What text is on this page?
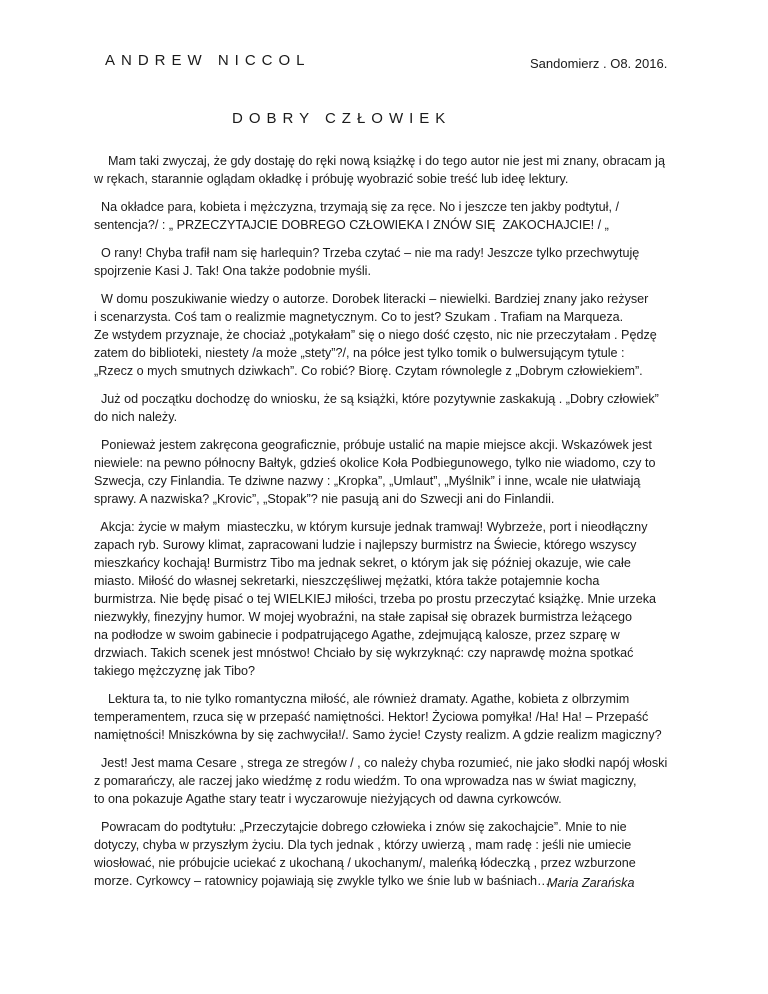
ANDREW NICCOL	Sandomierz . O8. 2016.
DOBRY CZŁOWIEK

Mam taki zwyczaj, że gdy dostaję do ręki nową książkę i do tego autor nie jest mi znany, obracam ją
w rękach, starannie oglądam okładkę i próbuję wyobrazić sobie treść lub ideę lektury.

Na okładce para, kobieta i mężczyzna, trzymają się za ręce. No i jeszcze ten jakby podtytuł, /
sentencja?/ : „ PRZECZYTAJCIE DOBREGO CZŁOWIEKA I ZNÓW SIĘ  ZAKOCHAJCIE! / „

O rany! Chyba trafił nam się harlequin? Trzeba czytać – nie ma rady! Jeszcze tylko przechwytuję
spojrzenie Kasi J. Tak! Ona także podobnie myśli.

W domu poszukiwanie wiedzy o autorze. Dorobek literacki – niewielki. Bardziej znany jako reżyser
i scenarzysta. Coś tam o realizmie magnetycznym. Co to jest? Szukam . Trafiam na Marqueza.
Ze wstydem przyznaje, że chociaż „potykałam” się o niego dość często, nic nie przeczytałam . Pędzę
zatem do biblioteki, niestety /a może „stety”?/, na półce jest tylko tomik o bulwersującym tytule :
„Rzecz o mych smutnych dziwkach”. Co robić? Biorę. Czytam równolegle z „Dobrym człowiekiem”.

Już od początku dochodzę do wniosku, że są książki, które pozytywnie zaskakują . „Dobry człowiek”
do nich należy.

Ponieważ jestem zakręcona geograficznie, próbuje ustalić na mapie miejsce akcji. Wskazówek jest
niewiele: na pewno północny Bałtyk, gdzieś okolice Koła Podbiegunowego, tylko nie wiadomo, czy to
Szwecja, czy Finlandia. Te dziwne nazwy : „Kropka”, „Umlaut”, „Myślnik” i inne, wcale nie ułatwiają
sprawy. A nazwiska? „Krovic”, „Stopak”? nie pasują ani do Szwecji ani do Finlandii.

Akcja: życie w małym  miasteczku, w którym kursuje jednak tramwaj! Wybrzeże, port i nieodłączny
zapach ryb. Surowy klimat, zapracowani ludzie i najlepszy burmistrz na Świecie, którego wszyscy
mieszkańcy kochają! Burmistrz Tibo ma jednak sekret, o którym jak się później okazuje, wie całe
miasto. Miłość do własnej sekretarki, nieszczęśliwej mężatki, która także potajemnie kocha
burmistrza. Nie będę pisać o tej WIELKIEJ miłości, trzeba po prostu przeczytać książkę. Mnie urzeka
niezwykły, finezyjny humor. W mojej wyobraźni, na stałe zapisał się obrazek burmistrza leżącego
na podłodze w swoim gabinecie i podpatrującego Agathe, zdejmującą kalosze, przez szparę w
drzwiach. Takich scenek jest mnóstwo! Chciało by się wykrzyknąć: czy naprawdę można spotkać
takiego mężczyznę jak Tibo?

Lektura ta, to nie tylko romantyczna miłość, ale również dramaty. Agathe, kobieta z olbrzymim
temperamentem, rzuca się w przepaść namiętności. Hektor! Życiowa pomyłka! /Ha! Ha! – Przepaść
namiętności! Mniszkówna by się zachwyciła!/. Samo życie! Czysty realizm. A gdzie realizm magiczny?

Jest! Jest mama Cesare , strega ze stregów / , co należy chyba rozumieć, nie jako słodki napój włoski
z pomarańczy, ale raczej jako wiedźmę z rodu wiedźm. To ona wprowadza nas w świat magiczny,
to ona pokazuje Agathe stary teatr i wyczarowuje nieżyjących od dawna cyrkowców.

Powracam do podtytułu: „Przeczytajcie dobrego człowieka i znów się zakochajcie”. Mnie to nie
dotyczy, chyba w przyszłym życiu. Dla tych jednak , którzy uwierzą , mam radę : jeśli nie umiecie
wiosłować, nie próbujcie uciekać z ukochaną / ukochanym/, maleńką łódeczką , przez wzburzone
morze. Cyrkowcy – ratownicy pojawiają się zwykle tylko we śnie lub w baśniach….

Maria Zarańska
